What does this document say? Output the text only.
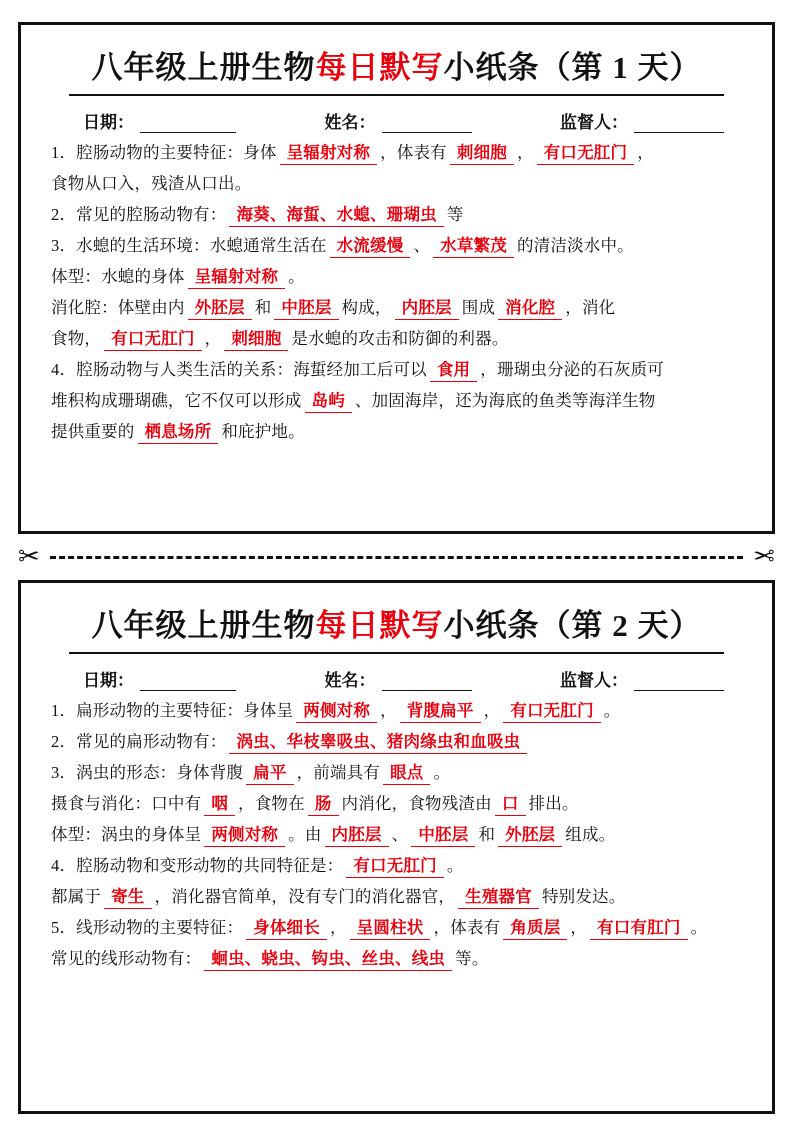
八年级上册生物每日默写小纸条（第 1 天）
日期：	姓名：	监督人：
1．腔肠动物的主要特征：身体 呈辐射对称 ，体表有 刺细胞 ， 有口无肛门 ，
食物从口入，残渣从口出。
2．常见的腔肠动物有： 海葵、海蜇、水螅、珊瑚虫 等
3．水螅的生活环境：水螅通常生活在 水流缓慢 、 水草繁茂 的清洁淡水中。
体型：水螅的身体 呈辐射对称 。
消化腔：体壁由内 外胚层 和 中胚层 构成， 内胚层 围成 消化腔 ，消化
食物， 有口无肛门 ， 刺细胞 是水螅的攻击和防御的利器。
4．腔肠动物与人类生活的关系：海蜇经加工后可以 食用 ，珊瑚虫分泌的石灰质可
堆积构成珊瑚礁，它不仅可以形成 岛屿 、加固海岸，还为海底的鱼类等海洋生物
提供重要的 栖息场所 和庇护地。
✂	✂
八年级上册生物每日默写小纸条（第 2 天）
日期：	姓名：	监督人：
1．扁形动物的主要特征：身体呈 两侧对称 ， 背腹扁平 ， 有口无肛门 。
2．常见的扁形动物有： 涡虫、华枝睾吸虫、猪肉绦虫和血吸虫
3．涡虫的形态：身体背腹 扁平 ，前端具有 眼点 。
摄食与消化：口中有 咽 ，食物在 肠 内消化，食物残渣由 口 排出。
体型：涡虫的身体呈 两侧对称 。由 内胚层 、 中胚层 和 外胚层 组成。
4．腔肠动物和变形动物的共同特征是： 有口无肛门 。
都属于 寄生 ，消化器官简单，没有专门的消化器官， 生殖器官 特别发达。
5．线形动物的主要特征： 身体细长 ， 呈圆柱状 ，体表有 角质层 ， 有口有肛门 。
常见的线形动物有： 蛔虫、蛲虫、钩虫、丝虫、线虫 等。
